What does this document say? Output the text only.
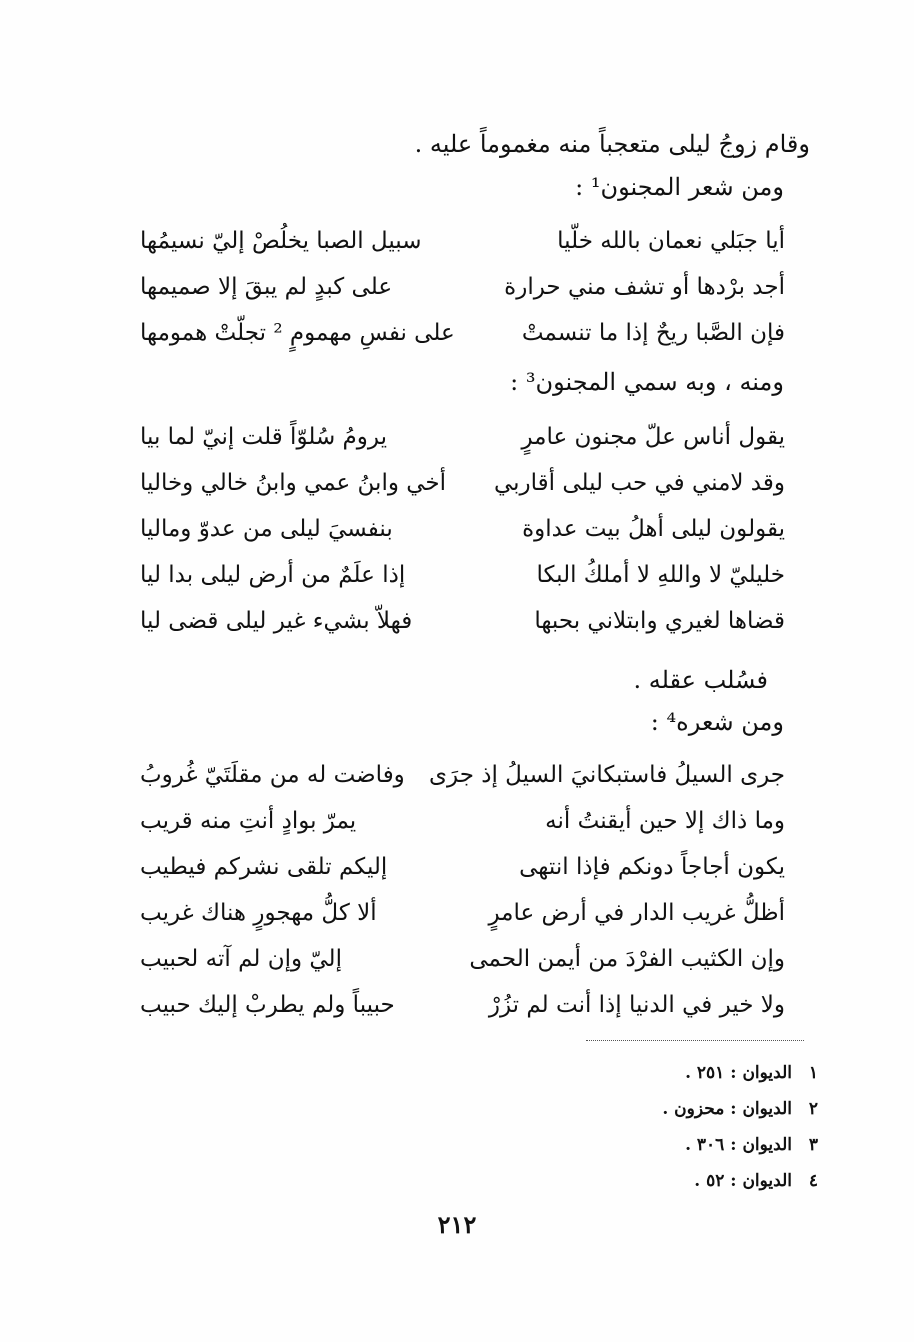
وقام زوجُ ليلى متعجباً منه مغموماً عليه .
ومن شعر المجنون¹ :
أيا جبَلي نعمان بالله خلّيا
سبيل الصبا يخلُصْ إليّ نسيمُها
أجد برْدها أو تشف مني حرارة
على كبدٍ لم يبقَ إلا صميمها
فإن الصَّبا ريحٌ إذا ما تنسمتْ
على نفسِ مهمومٍ ² تجلّتْ همومها
ومنه ، وبه سمي المجنون³ :
يقول أناس علّ مجنون عامرٍ
يرومُ سُلوّاً قلت إنيّ لما بيا
وقد لامني في حب ليلى أقاربي
أخي وابنُ عمي وابنُ خالي وخاليا
يقولون ليلى أهلُ بيت عداوة
بنفسيَ ليلى من عدوّ وماليا
خليليّ لا واللهِ لا أملكُ البكا
إذا علَمٌ من أرض ليلى بدا ليا
قضاها لغيري وابتلاني بحبها
فهلاّ بشيء غير ليلى قضى ليا
فسُلب عقله .
ومن شعره⁴ :
جرى السيلُ فاستبكانيَ السيلُ إذ جرَى
وفاضت له من مقلَتَيّ غُروبُ
وما ذاك إلا حين أيقنتُ أنه
يمرّ بوادٍ أنتِ منه قريب
يكون أجاجاً دونكم فإذا انتهى
إليكم تلقى نشركم فيطيب
أظلُّ غريب الدار في أرض عامرٍ
ألا كلُّ مهجورٍ هناك غريب
وإن الكثيب الفرْدَ من أيمن الحمى
إليّ وإن لم آته لحبيب
ولا خير في الدنيا إذا أنت لم تزُرْ
حبيباً ولم يطربْ إليك حبيب
١الديوان : ٢٥١ .
٢الديوان : محزون .
٣الديوان : ٣٠٦ .
٤الديوان : ٥٢ .
٢١٢
